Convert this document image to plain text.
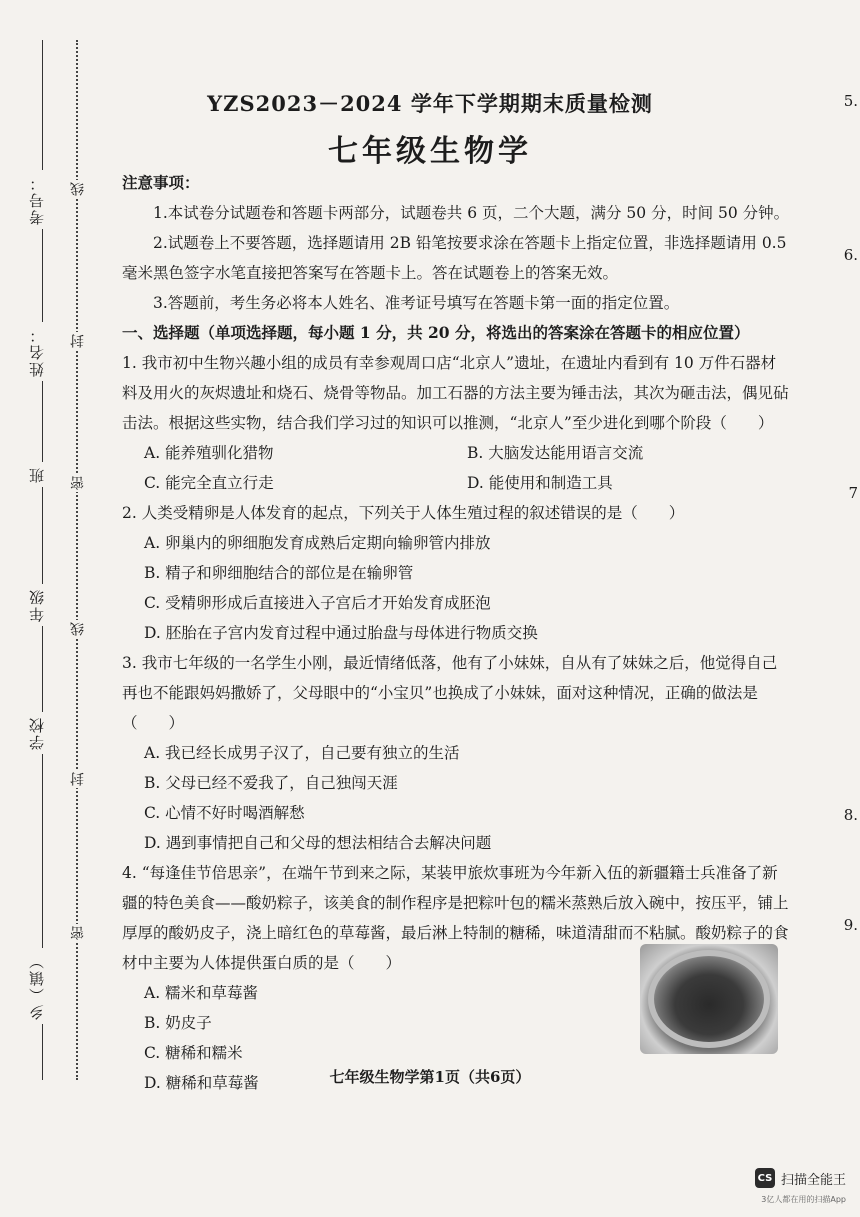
考号：
姓名：
班
年级
学校
乡（镇）
线
封
密
线
封
密
5.
6.
7
8.
9.
YZS2023－2024 学年下学期期末质量检测
七年级生物学

注意事项：

1.本试卷分试题卷和答题卡两部分，试题卷共 6 页，二个大题，满分 50 分，时间 50 分钟。

2.试题卷上不要答题，选择题请用 2B 铅笔按要求涂在答题卡上指定位置，非选择题请用 0.5 毫米黑色签字水笔直接把答案写在答题卡上。答在试题卷上的答案无效。

3.答题前，考生务必将本人姓名、准考证号填写在答题卡第一面的指定位置。

一、选择题（单项选择题，每小题 1 分，共 20 分，将选出的答案涂在答题卡的相应位置）

1. 我市初中生物兴趣小组的成员有幸参观周口店“北京人”遗址，在遗址内看到有 10 万件石器材料及用火的灰烬遗址和烧石、烧骨等物品。加工石器的方法主要为锤击法，其次为砸击法，偶见砧击法。根据这些实物，结合我们学习过的知识可以推测，“北京人”至少进化到哪个阶段（　　）

A. 能养殖驯化猎物	B. 大脑发达能用语言交流
C. 能完全直立行走	D. 能使用和制造工具

2. 人类受精卵是人体发育的起点，下列关于人体生殖过程的叙述错误的是（　　）

A. 卵巢内的卵细胞发育成熟后定期向输卵管内排放

B. 精子和卵细胞结合的部位是在输卵管

C. 受精卵形成后直接进入子宫后才开始发育成胚泡

D. 胚胎在子宫内发育过程中通过胎盘与母体进行物质交换

3. 我市七年级的一名学生小刚，最近情绪低落，他有了小妹妹，自从有了妹妹之后，他觉得自己再也不能跟妈妈撒娇了，父母眼中的“小宝贝”也换成了小妹妹，面对这种情况，正确的做法是（　　）

A. 我已经长成男子汉了，自己要有独立的生活

B. 父母已经不爱我了，自己独闯天涯

C. 心情不好时喝酒解愁

D. 遇到事情把自己和父母的想法相结合去解决问题

4. “每逢佳节倍思亲”，在端午节到来之际，某装甲旅炊事班为今年新入伍的新疆籍士兵准备了新疆的特色美食——酸奶粽子，该美食的制作程序是把粽叶包的糯米蒸熟后放入碗中，按压平，铺上厚厚的酸奶皮子，浇上暗红色的草莓酱，最后淋上特制的糖稀，味道清甜而不粘腻。酸奶粽子的食材中主要为人体提供蛋白质的是（　　）

A. 糯米和草莓酱

B. 奶皮子

C. 糖稀和糯米

D. 糖稀和草莓酱	七年级生物学第1页（共6页）
CS 扫描全能王
3亿人都在用的扫描App
